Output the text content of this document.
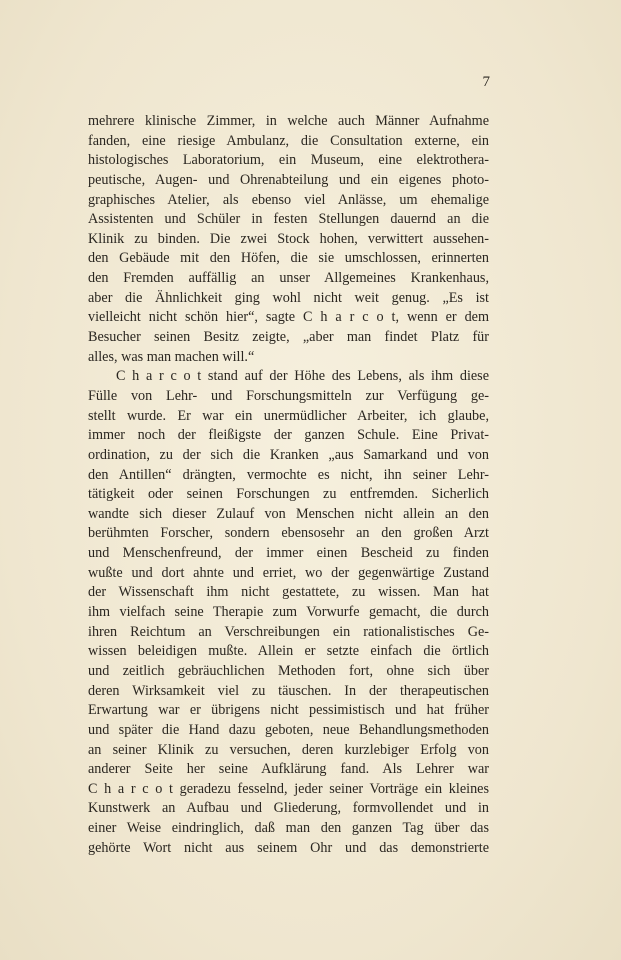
7
mehrere klinische Zimmer, in welche auch Männer Aufnahme
fanden, eine riesige Ambulanz, die Consultation externe, ein
histologisches Laboratorium, ein Museum, eine elektrothera-
peutische, Augen- und Ohrenabteilung und ein eigenes photo-
graphisches Atelier, als ebenso viel Anlässe, um ehemalige
Assistenten und Schüler in festen Stellungen dauernd an die
Klinik zu binden. Die zwei Stock hohen, verwittert aussehen-
den Gebäude mit den Höfen, die sie umschlossen, erinnerten
den Fremden auffällig an unser Allgemeines Krankenhaus,
aber die Ähnlichkeit ging wohl nicht weit genug. „Es ist
vielleicht nicht schön hier“, sagte C h a r c o t, wenn er dem
Besucher seinen Besitz zeigte, „aber man findet Platz für
alles, was man machen will.“
C h a r c o t stand auf der Höhe des Lebens, als ihm diese
Fülle von Lehr- und Forschungsmitteln zur Verfügung ge-
stellt wurde. Er war ein unermüdlicher Arbeiter, ich glaube,
immer noch der fleißigste der ganzen Schule. Eine Privat-
ordination, zu der sich die Kranken „aus Samarkand und von
den Antillen“ drängten, vermochte es nicht, ihn seiner Lehr-
tätigkeit oder seinen Forschungen zu entfremden. Sicherlich
wandte sich dieser Zulauf von Menschen nicht allein an den
berühmten Forscher, sondern ebensosehr an den großen Arzt
und Menschenfreund, der immer einen Bescheid zu finden
wußte und dort ahnte und erriet, wo der gegenwärtige Zustand
der Wissenschaft ihm nicht gestattete, zu wissen. Man hat
ihm vielfach seine Therapie zum Vorwurfe gemacht, die durch
ihren Reichtum an Verschreibungen ein rationalistisches Ge-
wissen beleidigen mußte. Allein er setzte einfach die örtlich
und zeitlich gebräuchlichen Methoden fort, ohne sich über
deren Wirksamkeit viel zu täuschen. In der therapeutischen
Erwartung war er übrigens nicht pessimistisch und hat früher
und später die Hand dazu geboten, neue Behandlungsmethoden
an seiner Klinik zu versuchen, deren kurzlebiger Erfolg von
anderer Seite her seine Aufklärung fand. Als Lehrer war
C h a r c o t geradezu fesselnd, jeder seiner Vorträge ein kleines
Kunstwerk an Aufbau und Gliederung, formvollendet und in
einer Weise eindringlich, daß man den ganzen Tag über das
gehörte Wort nicht aus seinem Ohr und das demonstrierte
